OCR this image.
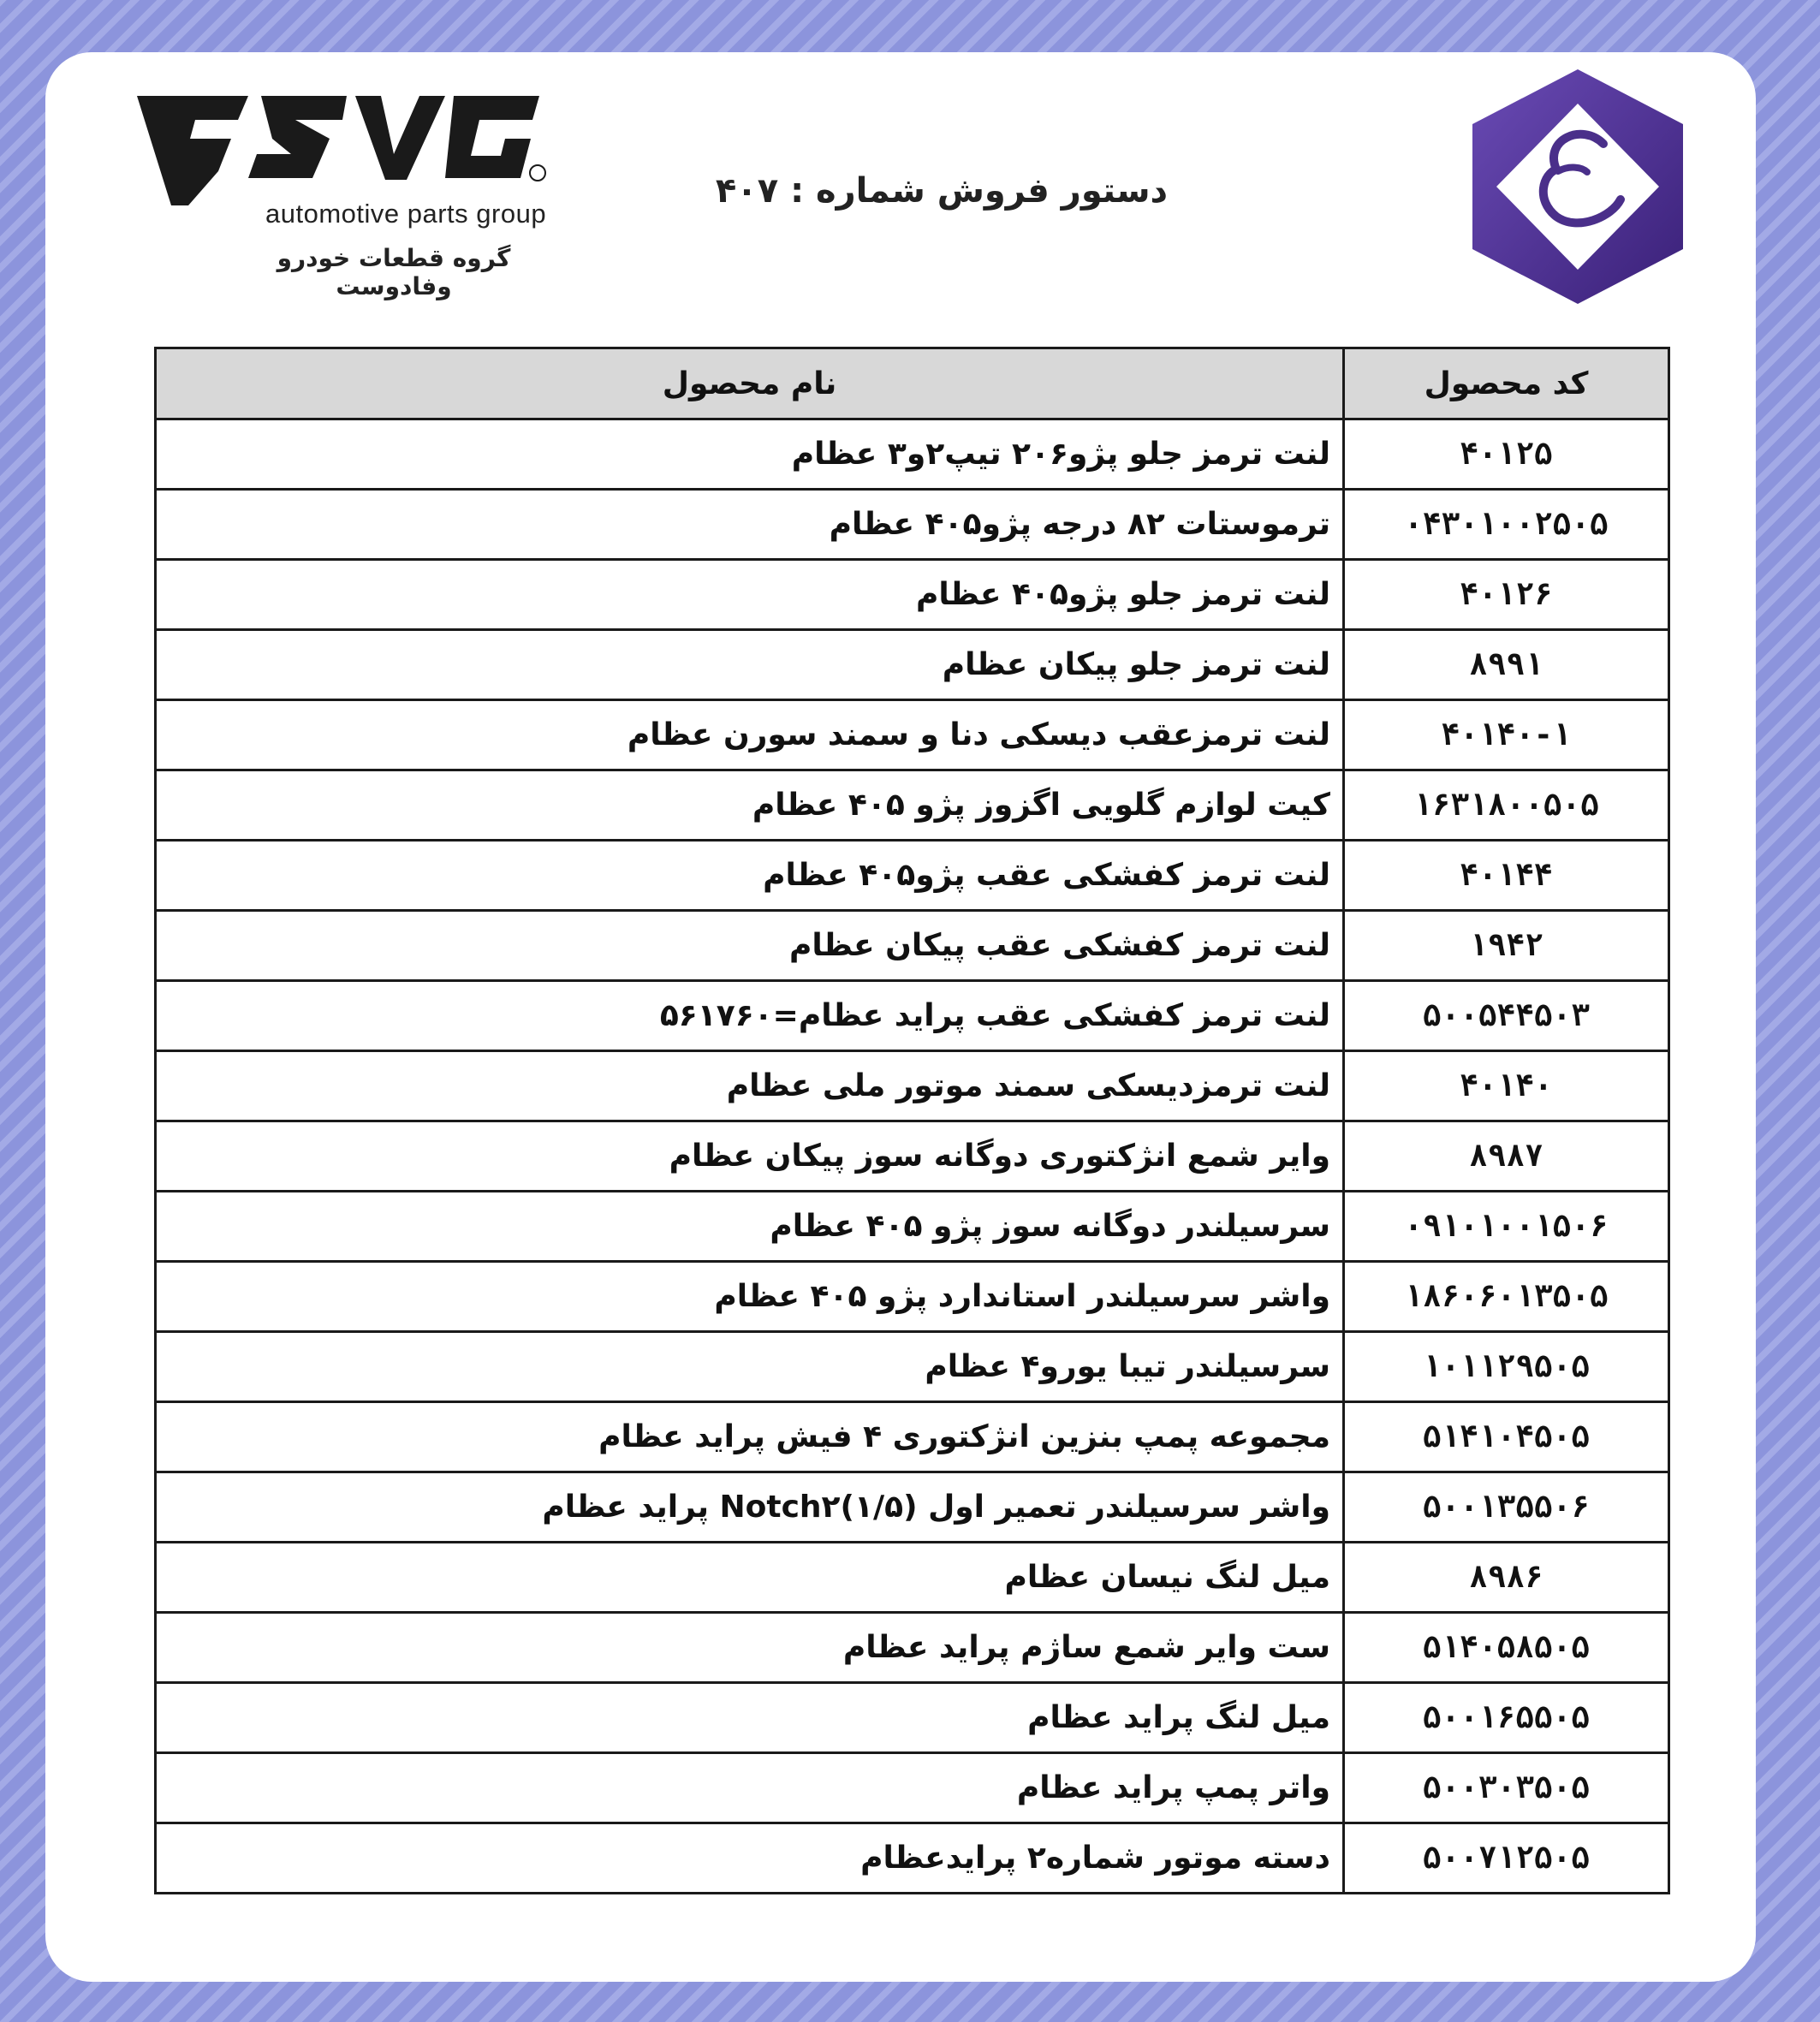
automotive parts group
گروه قطعات خودرو وفادوست
دستور فروش شماره : ۴۰۷
کد محصول	نام محصول
۴۰۱۲۵	لنت ترمز جلو پژو۲۰۶ تیپ۲و۳ عظام
۰۴۳۰۱۰۰۲۵۰۵	ترموستات ۸۲ درجه پژو۴۰۵ عظام
۴۰۱۲۶	لنت ترمز جلو پژو۴۰۵ عظام
۸۹۹۱	لنت ترمز جلو پیکان عظام
۴۰۱۴۰-۱	لنت ترمزعقب دیسکی دنا و سمند سورن عظام
۱۶۳۱۸۰۰۵۰۵	کیت لوازم گلویی اگزوز پژو ۴۰۵ عظام
۴۰۱۴۴	لنت ترمز کفشکی عقب پژو۴۰۵ عظام
۱۹۴۲	لنت ترمز کفشکی عقب پیکان عظام
۵۰۰۵۴۴۵۰۳	لنت ترمز کفشکی عقب پراید عظام=۵۶۱۷۶۰
۴۰۱۴۰	لنت ترمزدیسکی سمند موتور ملی عظام
۸۹۸۷	وایر شمع انژکتوری دوگانه سوز پیکان عظام
۰۹۱۰۱۰۰۱۵۰۶	سرسیلندر دوگانه سوز پژو ۴۰۵ عظام
۱۸۶۰۶۰۱۳۵۰۵	واشر سرسیلندر استاندارد پژو ۴۰۵ عظام
۱۰۱۱۲۹۵۰۵	سرسیلندر تیبا یورو۴ عظام
۵۱۴۱۰۴۵۰۵	مجموعه پمپ بنزین انژکتوری ۴ فیش پراید عظام
۵۰۰۱۳۵۵۰۶	واشر سرسیلندر تعمیر اول (۱/۵)Notch۲ پراید عظام
۸۹۸۶	میل لنگ نیسان عظام
۵۱۴۰۵۸۵۰۵	ست وایر شمع ساژم پراید عظام
۵۰۰۱۶۵۵۰۵	میل لنگ پراید عظام
۵۰۰۳۰۳۵۰۵	واتر پمپ پراید عظام
۵۰۰۷۱۲۵۰۵	دسته موتور شماره۲ پرایدعظام
